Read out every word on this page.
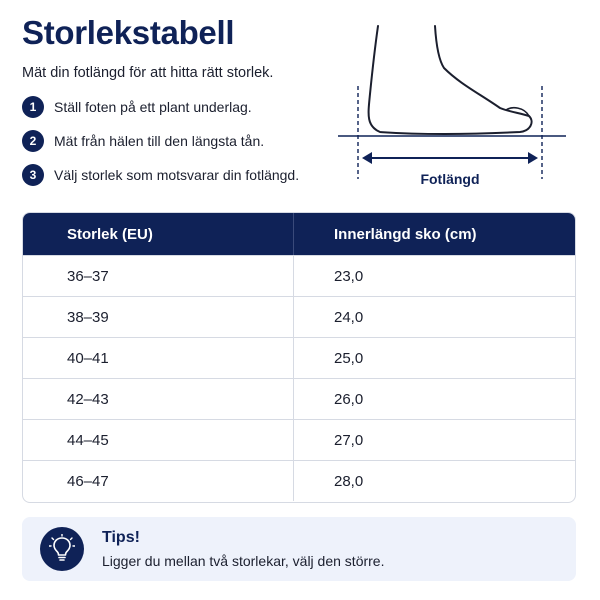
Storlekstabell
Mät din fotlängd för att hitta rätt storlek.
1	Ställ foten på ett plant underlag.
2	Mät från hälen till den längsta tån.
3	Välj storlek som motsvarar din fotlängd.	Fotlängd
Storlek (EU)	Innerlängd sko (cm)
36–37	23,0
38–39	24,0
40–41	25,0
42–43	26,0
44–45	27,0
46–47	28,0
Tips!
Ligger du mellan två storlekar, välj den större.
